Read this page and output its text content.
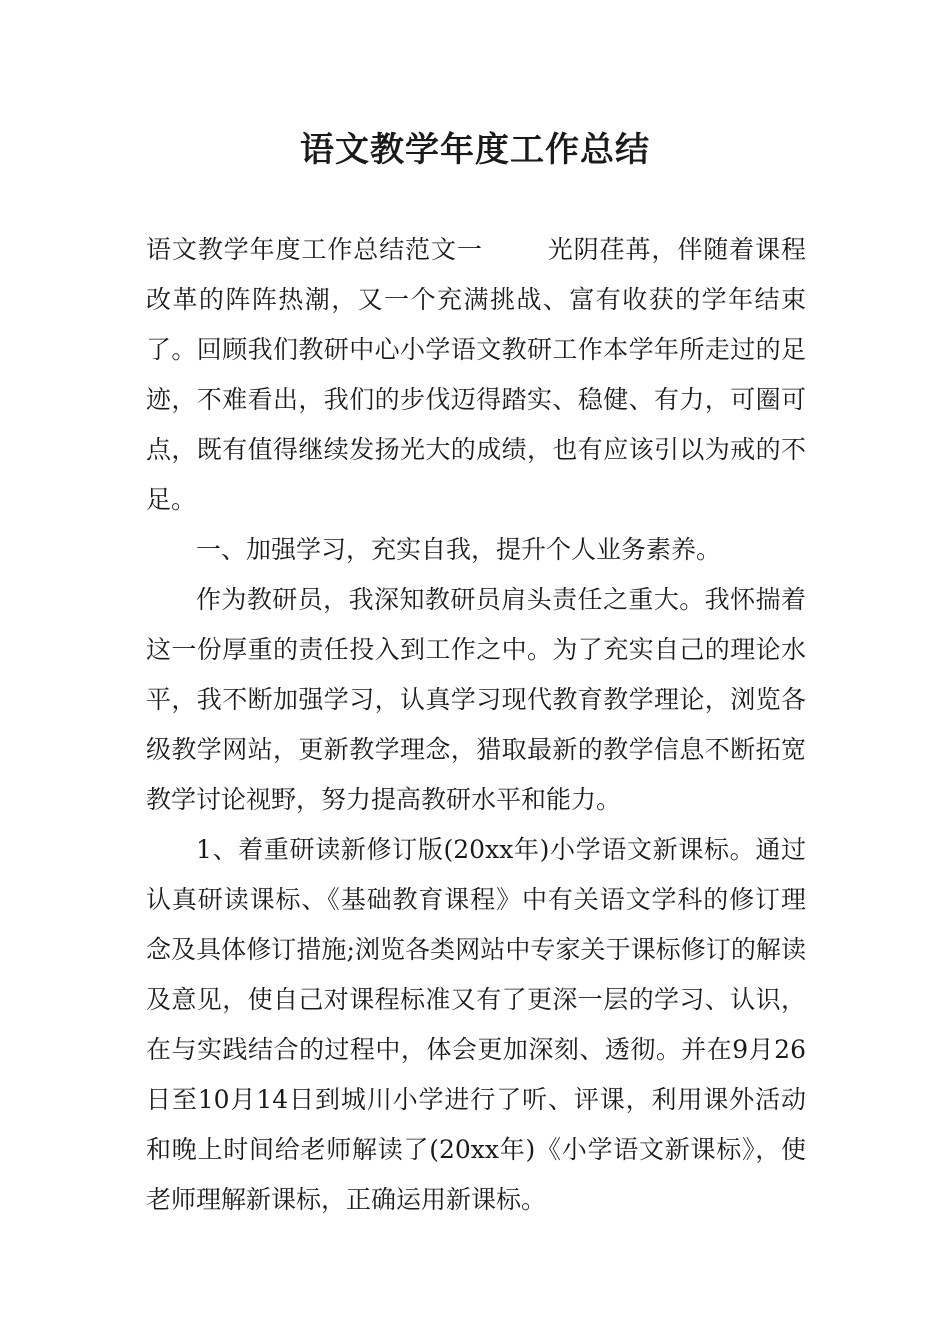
语文教学年度工作总结

语文教学年度工作总结范文一	光阴荏苒，伴随着课程改革的阵阵热潮，又一个充满挑战、富有收获的学年结束了。回顾我们教研中心小学语文教研工作本学年所走过的足迹，不难看出，我们的步伐迈得踏实、稳健、有力，可圈可点，既有值得继续发扬光大的成绩，也有应该引以为戒的不足。

一、加强学习，充实自我，提升个人业务素养。

作为教研员，我深知教研员肩头责任之重大。我怀揣着这一份厚重的责任投入到工作之中。为了充实自己的理论水平，我不断加强学习，认真学习现代教育教学理论，浏览各级教学网站，更新教学理念，猎取最新的教学信息不断拓宽教学讨论视野，努力提高教研水平和能力。

1、着重研读新修订版(20xx年)小学语文新课标。通过认真研读课标、《基础教育课程》中有关语文学科的修订理念及具体修订措施;浏览各类网站中专家关于课标修订的解读及意见，使自己对课程标准又有了更深一层的学习、认识，在与实践结合的过程中，体会更加深刻、透彻。并在9月26日至10月14日到城川小学进行了听、评课，利用课外活动和晚上时间给老师解读了(20xx年)《小学语文新课标》，使老师理解新课标，正确运用新课标。
